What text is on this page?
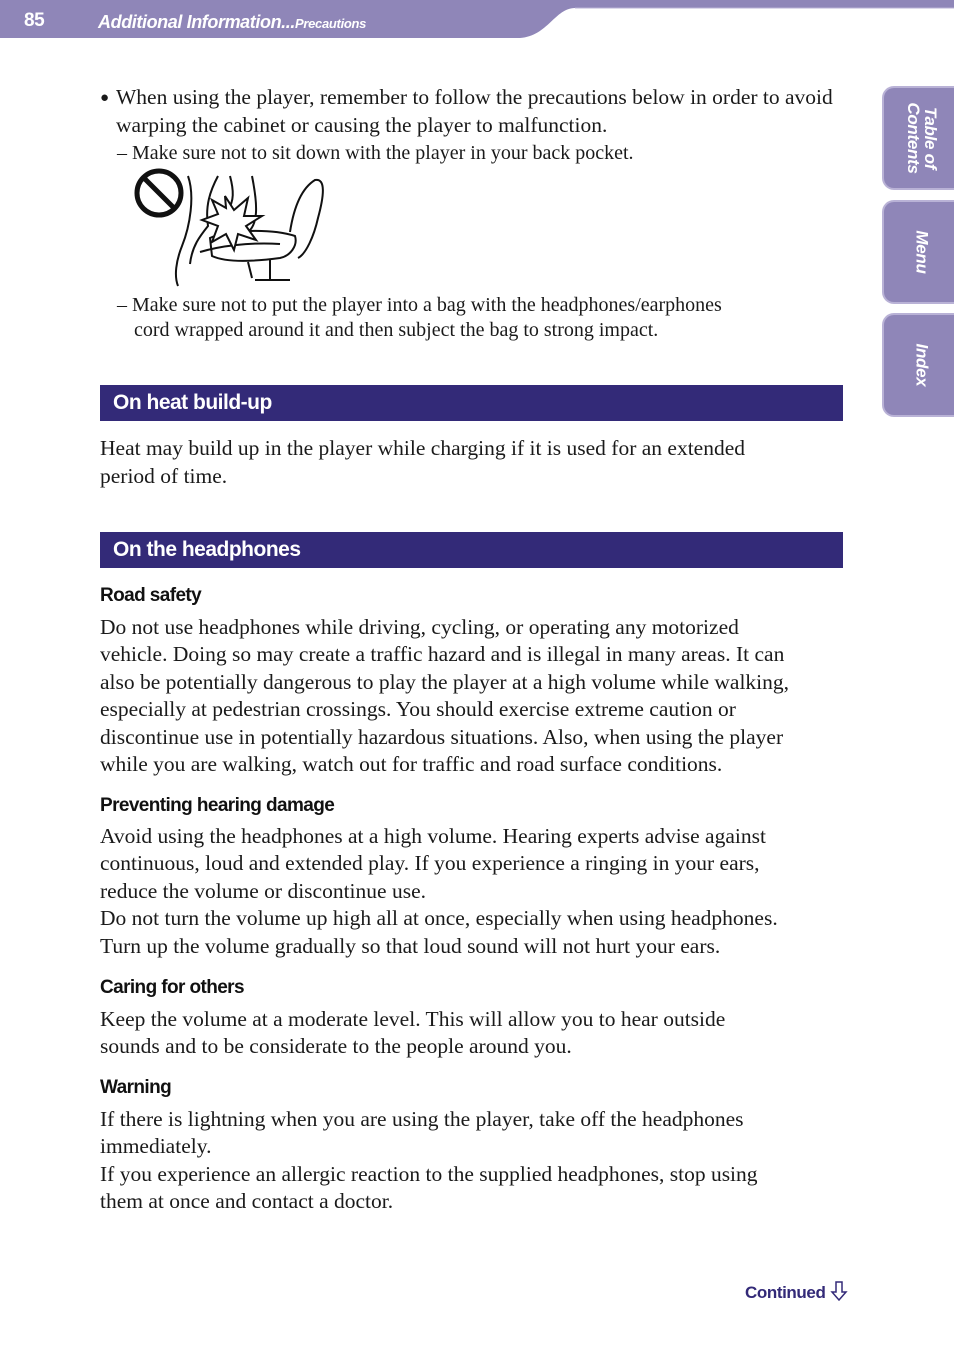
85	Additional Information...Precautions
Table of
Contents
Menu
Index
● When using the player, remember to follow the precautions below in order to avoid warping the cabinet or causing the player to malfunction.

– Make sure not to sit down with the player in your back pocket.

– Make sure not to put the player into a bag with the headphones/earphones

cord wrapped around it and then subject the bag to strong impact.

On heat build-up

Heat may build up in the player while charging if it is used for an extended

period of time.

On the headphones
Road safety

Do not use headphones while driving, cycling, or operating any motorized

vehicle. Doing so may create a traffic hazard and is illegal in many areas. It can

also be potentially dangerous to play the player at a high volume while walking,

especially at pedestrian crossings. You should exercise extreme caution or

discontinue use in potentially hazardous situations. Also, when using the player

while you are walking, watch out for traffic and road surface conditions.

Preventing hearing damage

Avoid using the headphones at a high volume. Hearing experts advise against

continuous, loud and extended play. If you experience a ringing in your ears,

reduce the volume or discontinue use.

Do not turn the volume up high all at once, especially when using headphones.

Turn up the volume gradually so that loud sound will not hurt your ears.

Caring for others

Keep the volume at a moderate level. This will allow you to hear outside

sounds and to be considerate to the people around you.

Warning

If there is lightning when you are using the player, take off the headphones

immediately.

If you experience an allergic reaction to the supplied headphones, stop using

them at once and contact a doctor.

Continued
